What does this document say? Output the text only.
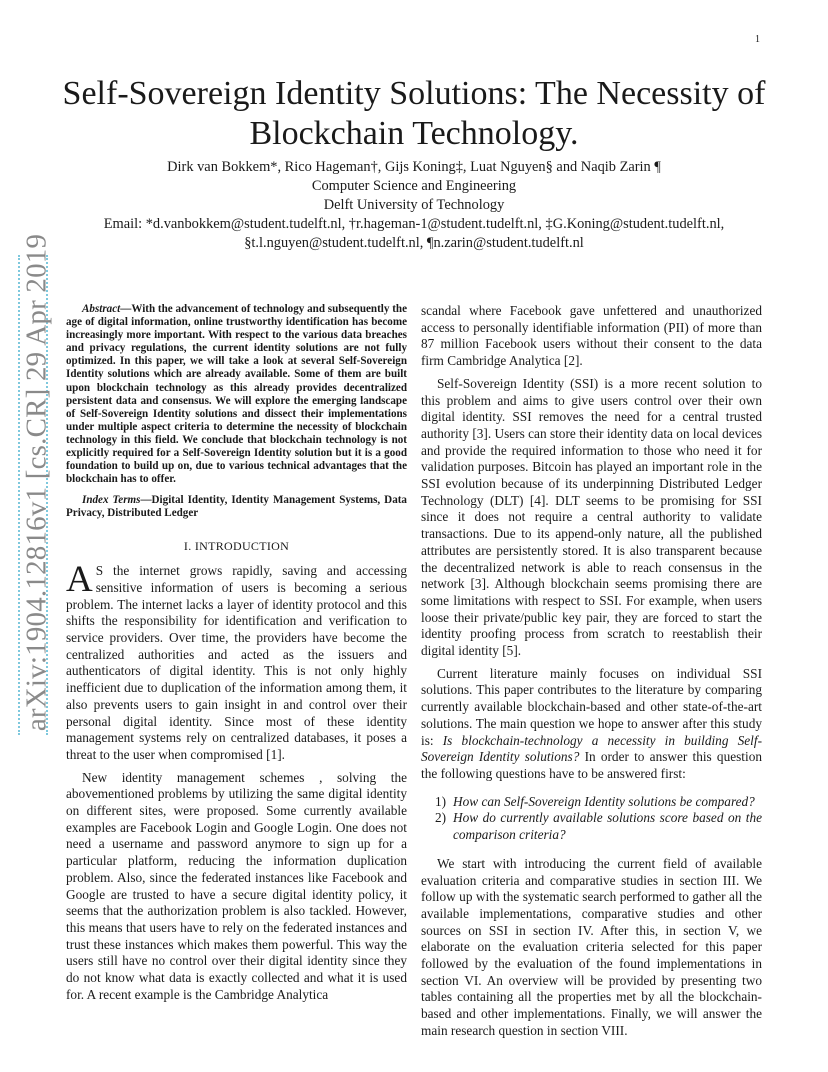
1
arXiv:1904.12816v1 [cs.CR] 29 Apr 2019
Self-Sovereign Identity Solutions: The Necessity of Blockchain Technology.
Dirk van Bokkem*, Rico Hageman†, Gijs Koning‡, Luat Nguyen§ and Naqib Zarin ¶
Computer Science and Engineering
Delft University of Technology
Email: *d.vanbokkem@student.tudelft.nl, †r.hageman-1@student.tudelft.nl, ‡G.Koning@student.tudelft.nl,
§t.l.nguyen@student.tudelft.nl, ¶n.zarin@student.tudelft.nl
Abstract—With the advancement of technology and subsequently the age of digital information, online trustworthy identification has become increasingly more important. With respect to the various data breaches and privacy regulations, the current identity solutions are not fully optimized. In this paper, we will take a look at several Self-Sovereign Identity solutions which are already available. Some of them are built upon blockchain technology as this already provides decentralized persistent data and consensus. We will explore the emerging landscape of Self-Sovereign Identity solutions and dissect their implementations under multiple aspect criteria to determine the necessity of blockchain technology in this field. We conclude that blockchain technology is not explicitly required for a Self-Sovereign Identity solution but it is a good foundation to build up on, due to various technical advantages that the blockchain has to offer.
Index Terms—Digital Identity, Identity Management Systems, Data Privacy, Distributed Ledger
I. INTRODUCTION

A S the internet grows rapidly, saving and accessing sensitive information of users is becoming a serious problem. The internet lacks a layer of identity protocol and this shifts the responsibility for identification and verification to service providers. Over time, the providers have become the centralized authorities and acted as the issuers and authenticators of digital identity. This is not only highly inefficient due to duplication of the information among them, it also prevents users to gain insight in and control over their personal digital identity. Since most of these identity management systems rely on centralized databases, it poses a threat to the user when compromised [1].

New identity management schemes , solving the abovementioned problems by utilizing the same digital identity on different sites, were proposed. Some currently available examples are Facebook Login and Google Login. One does not need a username and password anymore to sign up for a particular platform, reducing the information duplication problem. Also, since the federated instances like Facebook and Google are trusted to have a secure digital identity policy, it seems that the authorization problem is also tackled. However, this means that users have to rely on the federated instances and trust these instances which makes them powerful. This way the users still have no control over their digital identity since they do not know what data is exactly collected and what it is used for. A recent example is the Cambridge Analytica

scandal where Facebook gave unfettered and unauthorized access to personally identifiable information (PII) of more than 87 million Facebook users without their consent to the data firm Cambridge Analytica [2].

Self-Sovereign Identity (SSI) is a more recent solution to this problem and aims to give users control over their own digital identity. SSI removes the need for a central trusted authority [3]. Users can store their identity data on local devices and provide the required information to those who need it for validation purposes. Bitcoin has played an important role in the SSI evolution because of its underpinning Distributed Ledger Technology (DLT) [4]. DLT seems to be promising for SSI since it does not require a central authority to validate transactions. Due to its append-only nature, all the published attributes are persistently stored. It is also transparent because the decentralized network is able to reach consensus in the network [3]. Although blockchain seems promising there are some limitations with respect to SSI. For example, when users loose their private/public key pair, they are forced to start the identity proofing process from scratch to reestablish their digital identity [5].

Current literature mainly focuses on individual SSI solutions. This paper contributes to the literature by comparing currently available blockchain-based and other state-of-the-art solutions. The main question we hope to answer after this study is: Is blockchain-technology a necessity in building Self-Sovereign Identity solutions? In order to answer this question the following questions have to be answered first:

1) How can Self-Sovereign Identity solutions be compared?
2) How do currently available solutions score based on the comparison criteria?

We start with introducing the current field of available evaluation criteria and comparative studies in section III. We follow up with the systematic search performed to gather all the available implementations, comparative studies and other sources on SSI in section IV. After this, in section V, we elaborate on the evaluation criteria selected for this paper followed by the evaluation of the found implementations in section VI. An overview will be provided by presenting two tables containing all the properties met by all the blockchain-based and other implementations. Finally, we will answer the main research question in section VIII.
